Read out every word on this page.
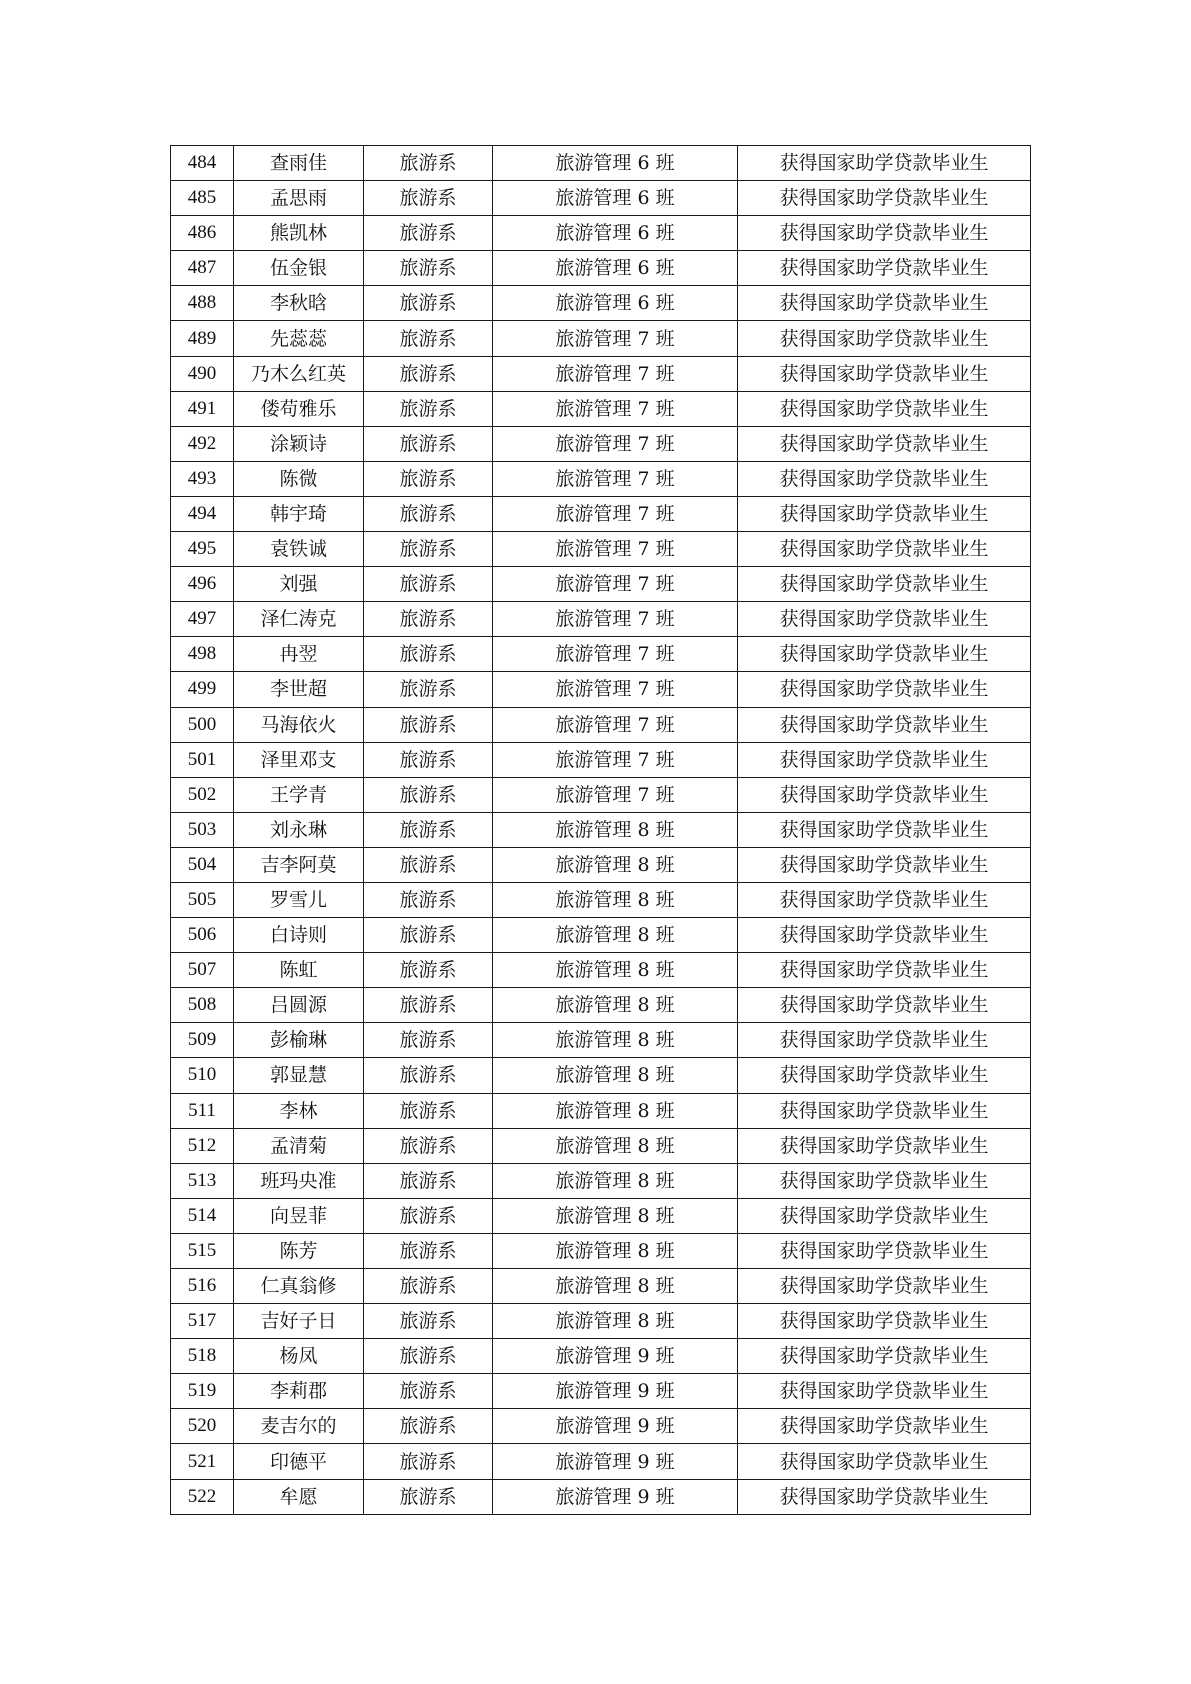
484	查雨佳	旅游系	旅游管理 6 班	获得国家助学贷款毕业生
485	孟思雨	旅游系	旅游管理 6 班	获得国家助学贷款毕业生
486	熊凯林	旅游系	旅游管理 6 班	获得国家助学贷款毕业生
487	伍金银	旅游系	旅游管理 6 班	获得国家助学贷款毕业生
488	李秋晗	旅游系	旅游管理 6 班	获得国家助学贷款毕业生
489	先蕊蕊	旅游系	旅游管理 7 班	获得国家助学贷款毕业生
490	乃木么红英	旅游系	旅游管理 7 班	获得国家助学贷款毕业生
491	偻苟雅乐	旅游系	旅游管理 7 班	获得国家助学贷款毕业生
492	涂颖诗	旅游系	旅游管理 7 班	获得国家助学贷款毕业生
493	陈微	旅游系	旅游管理 7 班	获得国家助学贷款毕业生
494	韩宇琦	旅游系	旅游管理 7 班	获得国家助学贷款毕业生
495	袁铁诚	旅游系	旅游管理 7 班	获得国家助学贷款毕业生
496	刘强	旅游系	旅游管理 7 班	获得国家助学贷款毕业生
497	泽仁涛克	旅游系	旅游管理 7 班	获得国家助学贷款毕业生
498	冉翌	旅游系	旅游管理 7 班	获得国家助学贷款毕业生
499	李世超	旅游系	旅游管理 7 班	获得国家助学贷款毕业生
500	马海依火	旅游系	旅游管理 7 班	获得国家助学贷款毕业生
501	泽里邓支	旅游系	旅游管理 7 班	获得国家助学贷款毕业生
502	王学青	旅游系	旅游管理 7 班	获得国家助学贷款毕业生
503	刘永琳	旅游系	旅游管理 8 班	获得国家助学贷款毕业生
504	吉李阿莫	旅游系	旅游管理 8 班	获得国家助学贷款毕业生
505	罗雪儿	旅游系	旅游管理 8 班	获得国家助学贷款毕业生
506	白诗则	旅游系	旅游管理 8 班	获得国家助学贷款毕业生
507	陈虹	旅游系	旅游管理 8 班	获得国家助学贷款毕业生
508	吕圆源	旅游系	旅游管理 8 班	获得国家助学贷款毕业生
509	彭榆琳	旅游系	旅游管理 8 班	获得国家助学贷款毕业生
510	郭显慧	旅游系	旅游管理 8 班	获得国家助学贷款毕业生
511	李林	旅游系	旅游管理 8 班	获得国家助学贷款毕业生
512	孟清菊	旅游系	旅游管理 8 班	获得国家助学贷款毕业生
513	班玛央准	旅游系	旅游管理 8 班	获得国家助学贷款毕业生
514	向昱菲	旅游系	旅游管理 8 班	获得国家助学贷款毕业生
515	陈芳	旅游系	旅游管理 8 班	获得国家助学贷款毕业生
516	仁真翁修	旅游系	旅游管理 8 班	获得国家助学贷款毕业生
517	吉好子日	旅游系	旅游管理 8 班	获得国家助学贷款毕业生
518	杨凤	旅游系	旅游管理 9 班	获得国家助学贷款毕业生
519	李莉郡	旅游系	旅游管理 9 班	获得国家助学贷款毕业生
520	麦吉尔的	旅游系	旅游管理 9 班	获得国家助学贷款毕业生
521	印德平	旅游系	旅游管理 9 班	获得国家助学贷款毕业生
522	牟愿	旅游系	旅游管理 9 班	获得国家助学贷款毕业生
